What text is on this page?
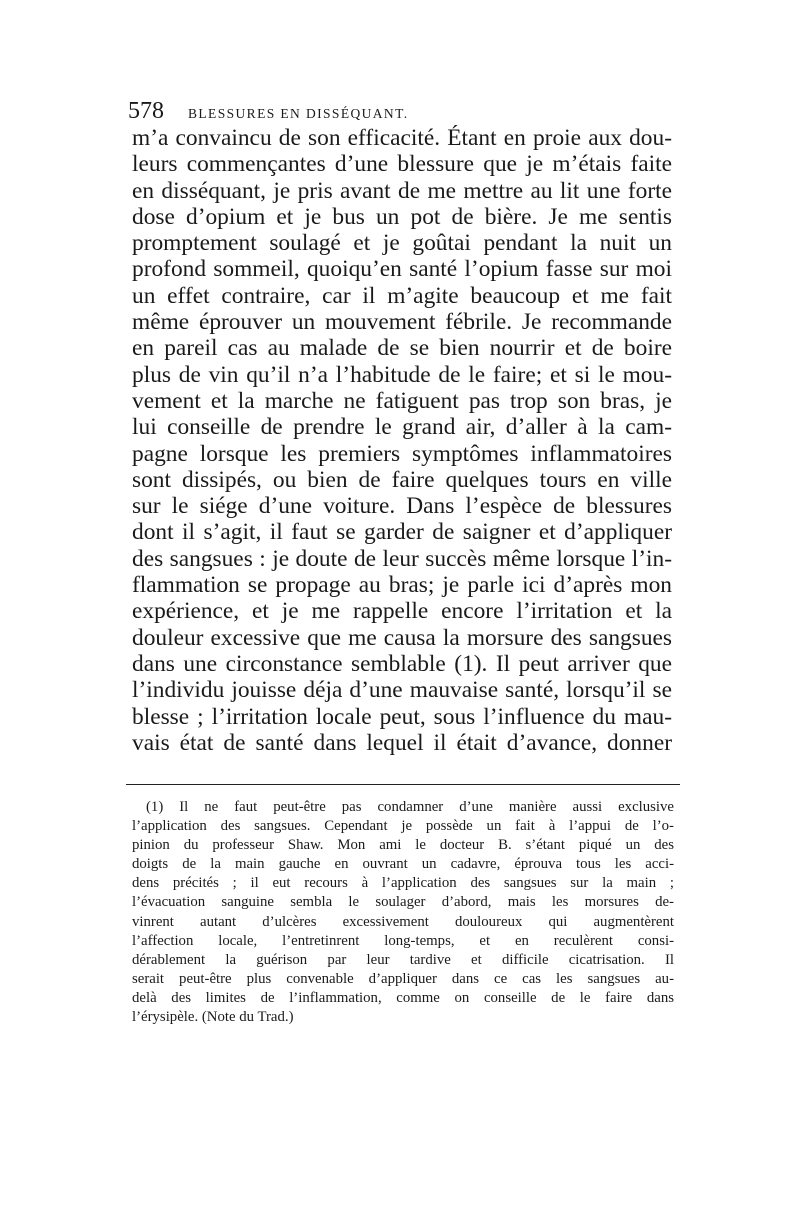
578 BLESSURES EN DISSÉQUANT.
m’a convaincu de son efficacité. Étant en proie aux dou-
leurs commençantes d’une blessure que je m’étais faite
en disséquant, je pris avant de me mettre au lit une forte
dose d’opium et je bus un pot de bière. Je me sentis
promptement soulagé et je goûtai pendant la nuit un
profond sommeil, quoiqu’en santé l’opium fasse sur moi
un effet contraire, car il m’agite beaucoup et me fait
même éprouver un mouvement fébrile. Je recommande
en pareil cas au malade de se bien nourrir et de boire
plus de vin qu’il n’a l’habitude de le faire; et si le mou-
vement et la marche ne fatiguent pas trop son bras, je
lui conseille de prendre le grand air, d’aller à la cam-
pagne lorsque les premiers symptômes inflammatoires
sont dissipés, ou bien de faire quelques tours en ville
sur le siége d’une voiture. Dans l’espèce de blessures
dont il s’agit, il faut se garder de saigner et d’appliquer
des sangsues : je doute de leur succès même lorsque l’in-
flammation se propage au bras; je parle ici d’après mon
expérience, et je me rappelle encore l’irritation et la
douleur excessive que me causa la morsure des sangsues
dans une circonstance semblable (1). Il peut arriver que
l’individu jouisse déja d’une mauvaise santé, lorsqu’il se
blesse ; l’irritation locale peut, sous l’influence du mau-
vais état de santé dans lequel il était d’avance, donner
(1) Il ne faut peut-être pas condamner d’une manière aussi exclusive
l’application des sangsues. Cependant je possède un fait à l’appui de l’o-
pinion du professeur Shaw. Mon ami le docteur B. s’étant piqué un des
doigts de la main gauche en ouvrant un cadavre, éprouva tous les acci-
dens précités ; il eut recours à l’application des sangsues sur la main ;
l’évacuation sanguine sembla le soulager d’abord, mais les morsures de-
vinrent autant d’ulcères excessivement douloureux qui augmentèrent
l’affection locale, l’entretinrent long-temps, et en reculèrent consi-
dérablement la guérison par leur tardive et difficile cicatrisation. Il
serait peut-être plus convenable d’appliquer dans ce cas les sangsues au-
delà des limites de l’inflammation, comme on conseille de le faire dans
l’érysipèle. (Note du Trad.)
